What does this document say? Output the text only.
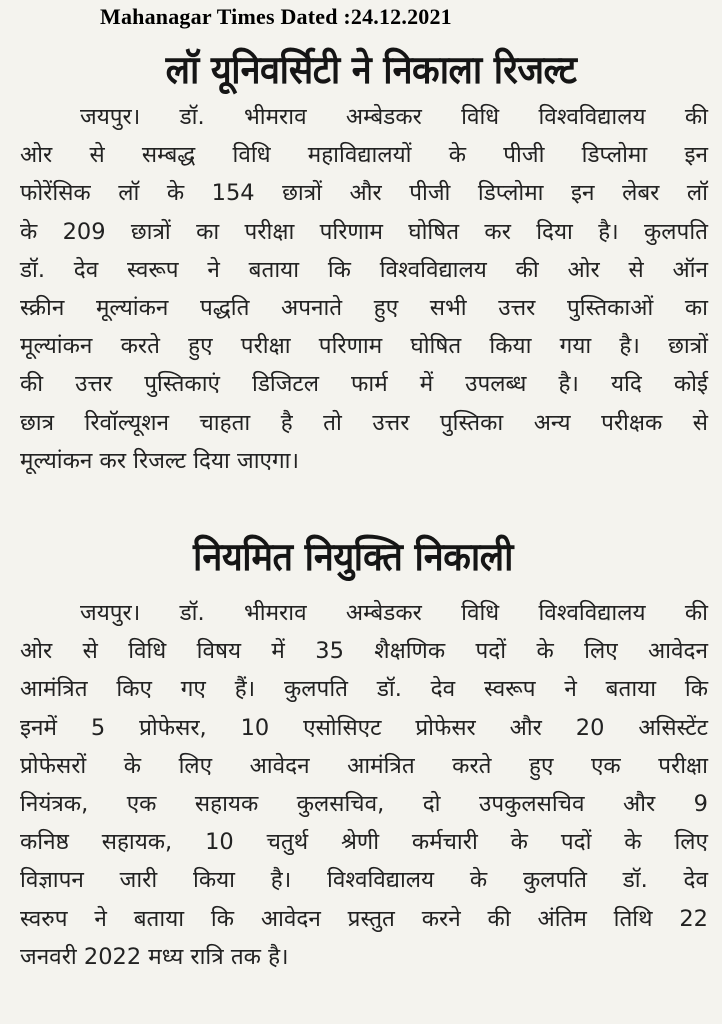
Mahanagar Times Dated :24.12.2021
लॉ यूनिवर्सिटी ने निकाला रिजल्ट
जयपुर। डॉ. भीमराव अम्बेडकर विधि विश्वविद्यालय की
ओर से सम्बद्ध विधि महाविद्यालयों के पीजी डिप्लोमा इन
फोरेंसिक लॉ के 154 छात्रों और पीजी डिप्लोमा इन लेबर लॉ
के 209 छात्रों का परीक्षा परिणाम घोषित कर दिया है। कुलपति
डॉ. देव स्वरूप ने बताया कि विश्वविद्यालय की ओर से ऑन
स्क्रीन मूल्यांकन पद्धति अपनाते हुए सभी उत्तर पुस्तिकाओं का
मूल्यांकन करते हुए परीक्षा परिणाम घोषित किया गया है। छात्रों
की उत्तर पुस्तिकाएं डिजिटल फार्म में उपलब्ध है। यदि कोई
छात्र रिवॉल्यूशन चाहता है तो उत्तर पुस्तिका अन्य परीक्षक से
मूल्यांकन कर रिजल्ट दिया जाएगा।
नियमित नियुक्ति निकाली
जयपुर। डॉ. भीमराव अम्बेडकर विधि विश्वविद्यालय की
ओर से विधि विषय में 35 शैक्षणिक पदों के लिए आवेदन
आमंत्रित किए गए हैं। कुलपति डॉ. देव स्वरूप ने बताया कि
इनमें 5 प्रोफेसर, 10 एसोसिएट प्रोफेसर और 20 असिस्टेंट
प्रोफेसरों के लिए आवेदन आमंत्रित करते हुए एक परीक्षा
नियंत्रक, एक सहायक कुलसचिव, दो उपकुलसचिव और 9
कनिष्ठ सहायक, 10 चतुर्थ श्रेणी कर्मचारी के पदों के लिए
विज्ञापन जारी किया है। विश्वविद्यालय के कुलपति डॉ. देव
स्वरुप ने बताया कि आवेदन प्रस्तुत करने की अंतिम तिथि 22
जनवरी 2022 मध्य रात्रि तक है।
